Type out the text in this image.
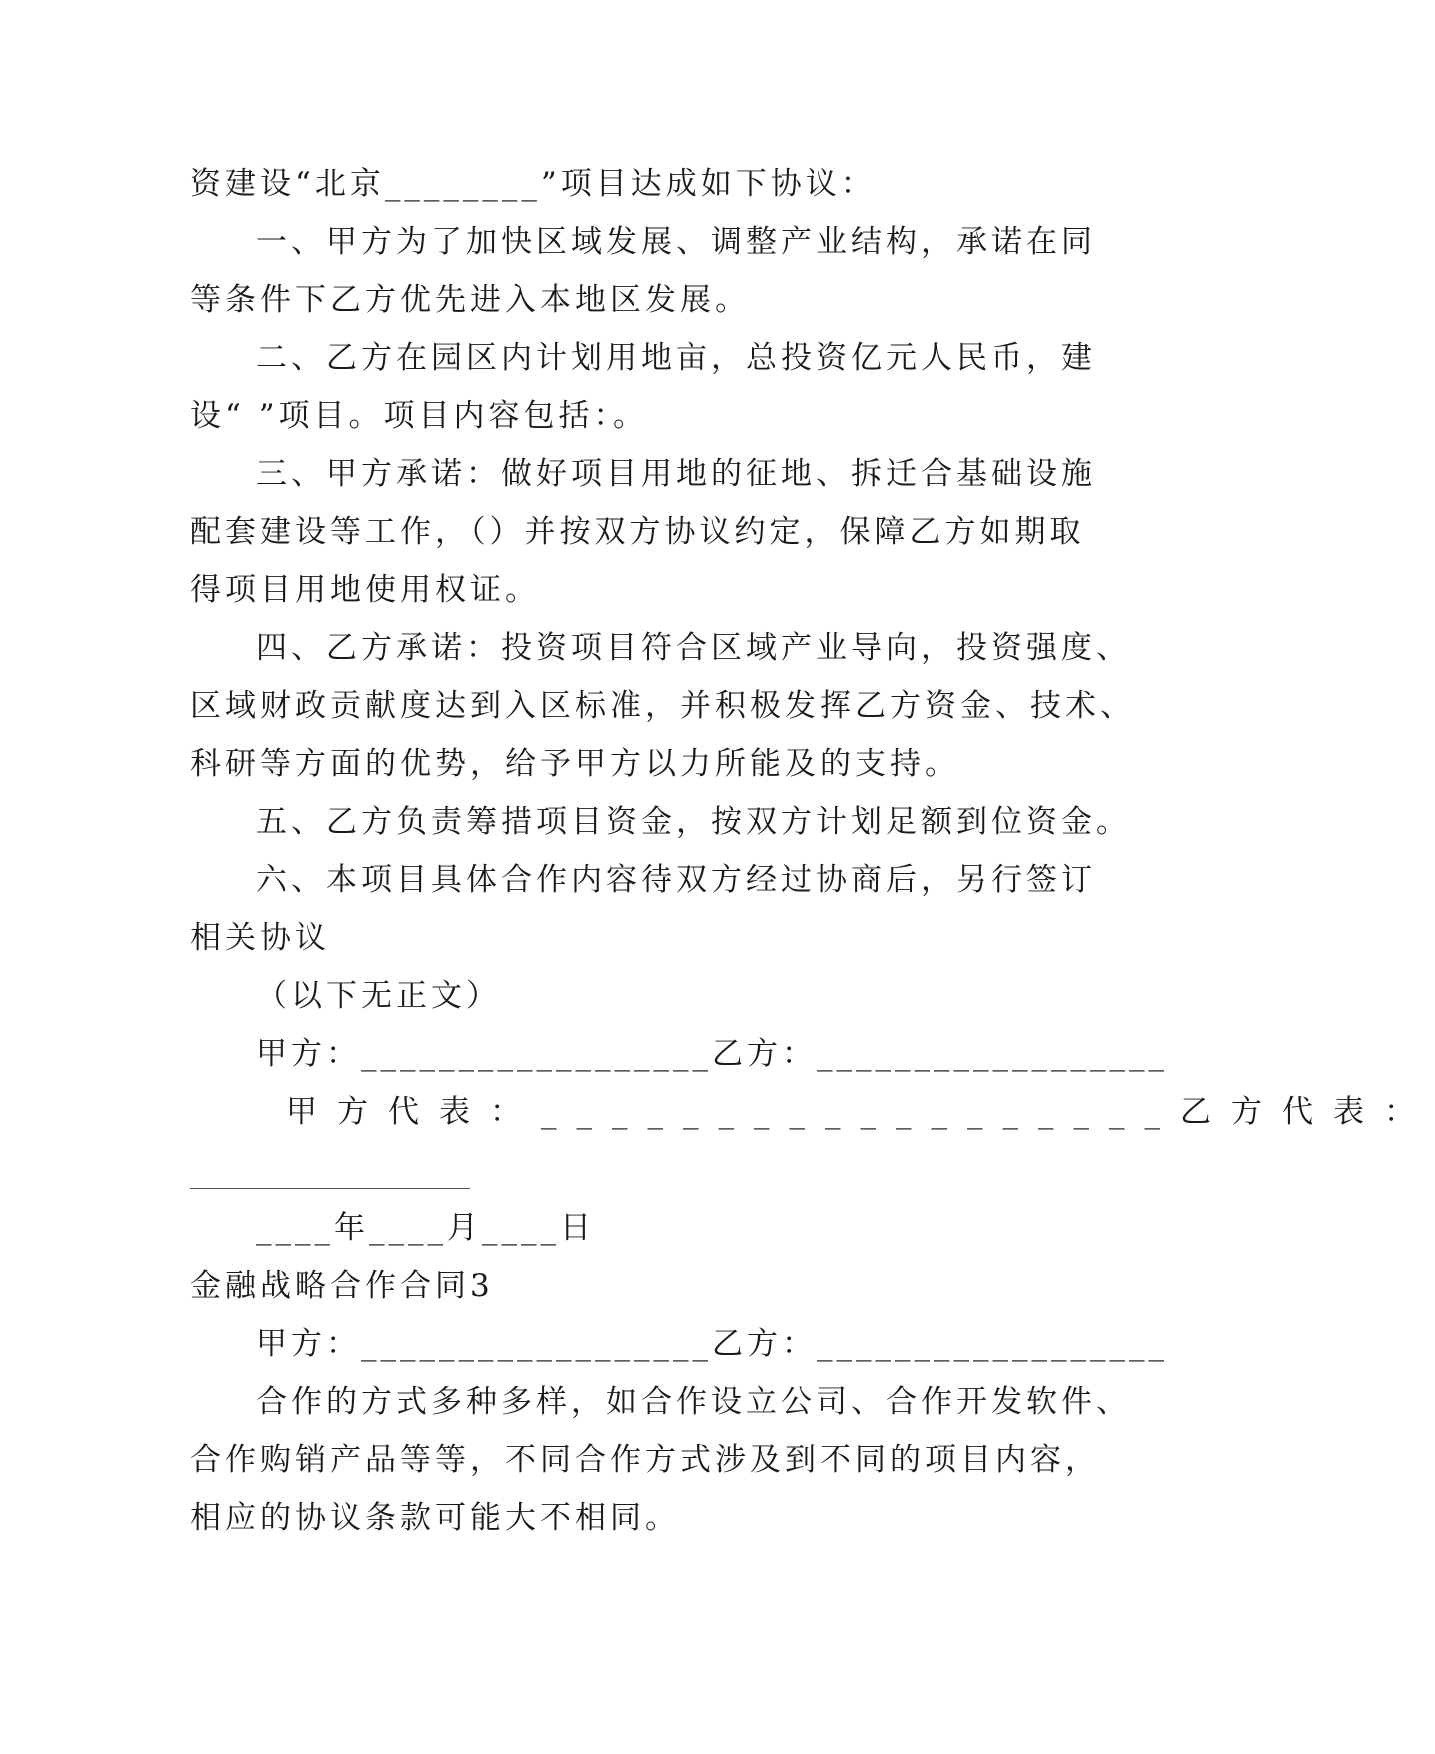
资建设“北京________”项目达成如下协议：
一、甲方为了加快区域发展、调整产业结构，承诺在同
等条件下乙方优先进入本地区发展。
二、乙方在园区内计划用地亩，总投资亿元人民币，建
设“ ”项目。项目内容包括：。
三、甲方承诺：做好项目用地的征地、拆迁合基础设施
配套建设等工作，（）并按双方协议约定，保障乙方如期取
得项目用地使用权证。
四、乙方承诺：投资项目符合区域产业导向，投资强度、
区域财政贡献度达到入区标准，并积极发挥乙方资金、技术、
科研等方面的优势，给予甲方以力所能及的支持。
五、乙方负责筹措项目资金，按双方计划足额到位资金。
六、本项目具体合作内容待双方经过协商后，另行签订
相关协议
（以下无正文）
甲方：__________________乙方：__________________
甲方代表：__________________乙方代表：
____年____月____日
金融战略合作合同3
甲方：__________________乙方：__________________
合作的方式多种多样，如合作设立公司、合作开发软件、
合作购销产品等等，不同合作方式涉及到不同的项目内容，
相应的协议条款可能大不相同。
